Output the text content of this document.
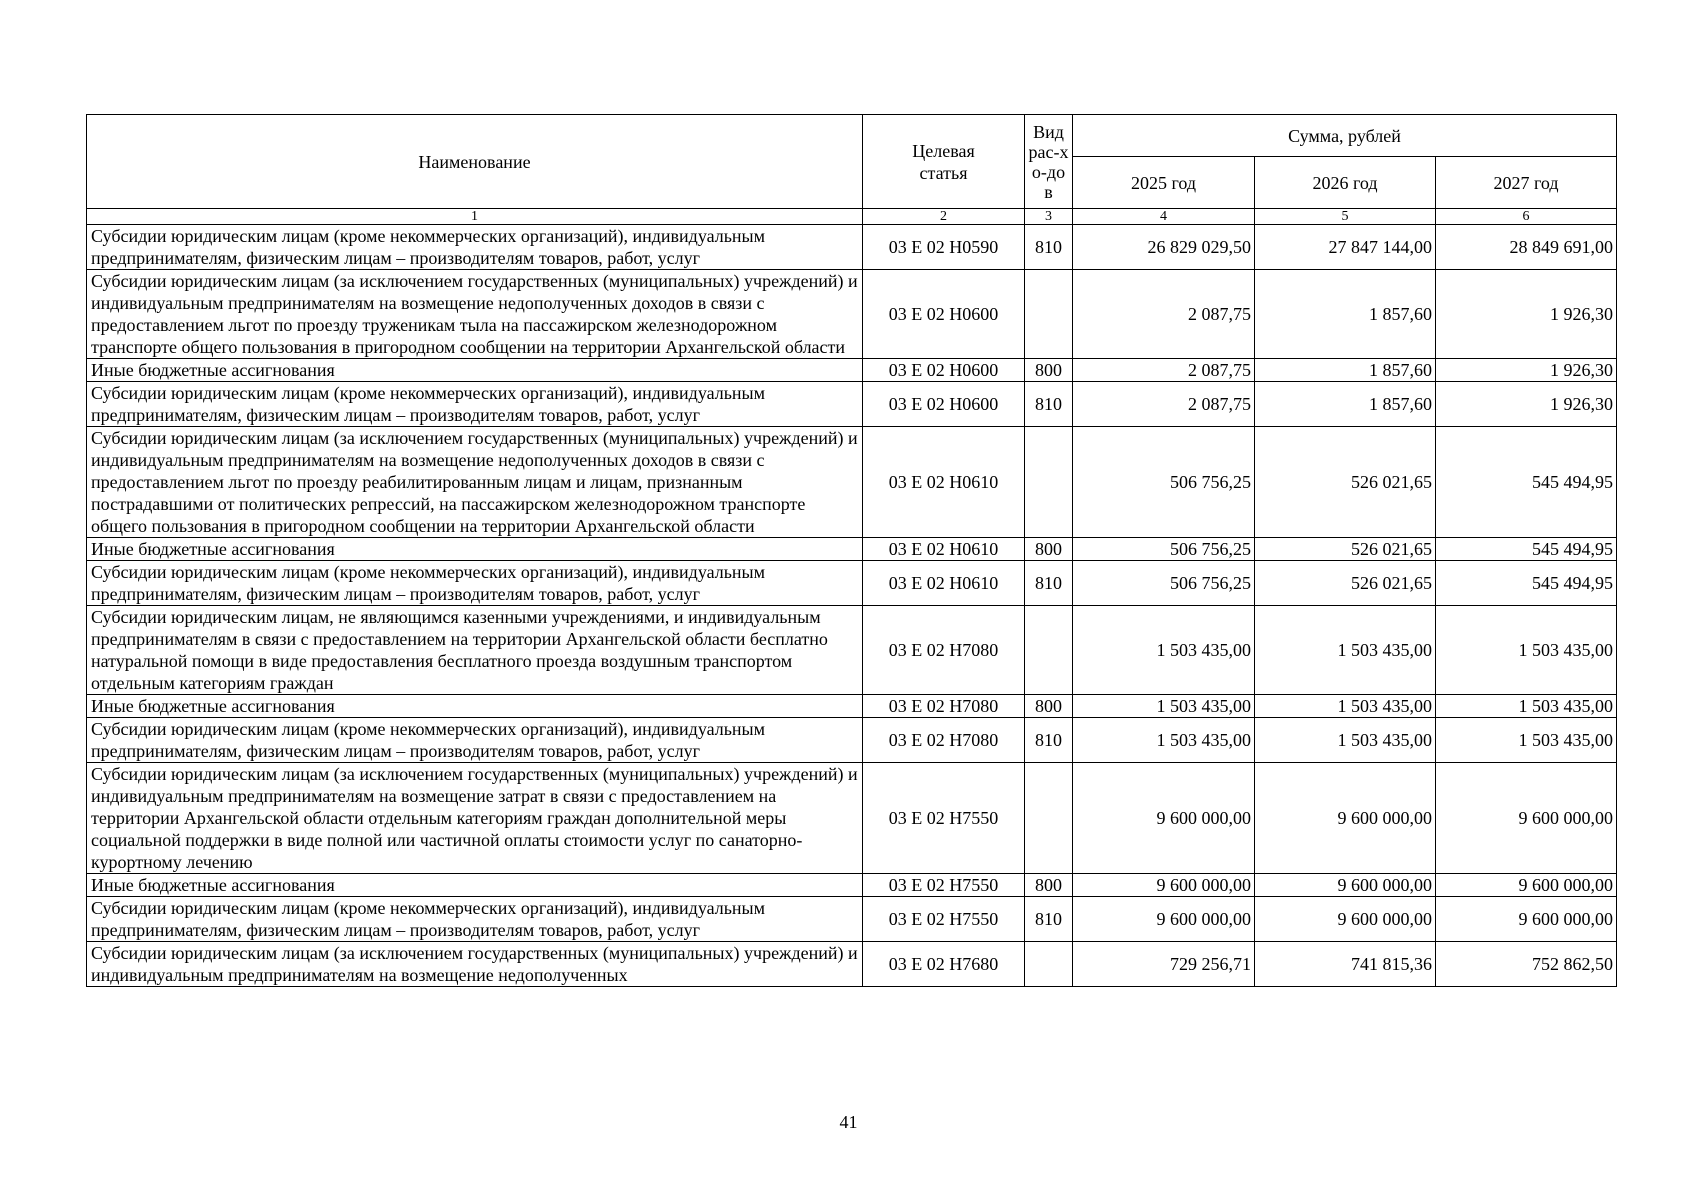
Наименование	Целевая статья	Вид рас-хо-дов	Сумма, рублей		
			2025 год	2026 год	2027 год
1	2	3	4	5	6
Субсидии юридическим лицам (кроме некоммерческих организаций), индивидуальным предпринимателям, физическим лицам – производителям товаров, работ, услуг	03 Е 02 Н0590	810	26 829 029,50	27 847 144,00	28 849 691,00
Субсидии юридическим лицам (за исключением государственных (муниципальных) учреждений) и индивидуальным предпринимателям на возмещение недополученных доходов в связи с предоставлением льгот по проезду труженикам тыла на пассажирском железнодорожном транспорте общего пользования в пригородном сообщении на территории Архангельской области	03 Е 02 Н0600		2 087,75	1 857,60	1 926,30
Иные бюджетные ассигнования	03 Е 02 Н0600	800	2 087,75	1 857,60	1 926,30
Субсидии юридическим лицам (кроме некоммерческих организаций), индивидуальным предпринимателям, физическим лицам – производителям товаров, работ, услуг	03 Е 02 Н0600	810	2 087,75	1 857,60	1 926,30
Субсидии юридическим лицам (за исключением государственных (муниципальных) учреждений) и индивидуальным предпринимателям на возмещение недополученных доходов в связи с предоставлением льгот по проезду реабилитированным лицам и лицам, признанным пострадавшими от политических репрессий, на пассажирском железнодорожном транспорте общего пользования в пригородном сообщении на территории Архангельской области	03 Е 02 Н0610		506 756,25	526 021,65	545 494,95
Иные бюджетные ассигнования	03 Е 02 Н0610	800	506 756,25	526 021,65	545 494,95
Субсидии юридическим лицам (кроме некоммерческих организаций), индивидуальным предпринимателям, физическим лицам – производителям товаров, работ, услуг	03 Е 02 Н0610	810	506 756,25	526 021,65	545 494,95
Субсидии юридическим лицам, не являющимся казенными учреждениями, и индивидуальным предпринимателям в связи с предоставлением на территории Архангельской области бесплатно натуральной помощи в виде предоставления бесплатного проезда воздушным транспортом отдельным категориям граждан	03 Е 02 Н7080		1 503 435,00	1 503 435,00	1 503 435,00
Иные бюджетные ассигнования	03 Е 02 Н7080	800	1 503 435,00	1 503 435,00	1 503 435,00
Субсидии юридическим лицам (кроме некоммерческих организаций), индивидуальным предпринимателям, физическим лицам – производителям товаров, работ, услуг	03 Е 02 Н7080	810	1 503 435,00	1 503 435,00	1 503 435,00
Субсидии юридическим лицам (за исключением государственных (муниципальных) учреждений) и индивидуальным предпринимателям на возмещение затрат в связи с предоставлением на территории Архангельской области отдельным категориям граждан дополнительной меры социальной поддержки в виде полной или частичной оплаты стоимости услуг по санаторно-курортному лечению	03 Е 02 Н7550		9 600 000,00	9 600 000,00	9 600 000,00
Иные бюджетные ассигнования	03 Е 02 Н7550	800	9 600 000,00	9 600 000,00	9 600 000,00
Субсидии юридическим лицам (кроме некоммерческих организаций), индивидуальным предпринимателям, физическим лицам – производителям товаров, работ, услуг	03 Е 02 Н7550	810	9 600 000,00	9 600 000,00	9 600 000,00
Субсидии юридическим лицам (за исключением государственных (муниципальных) учреждений) и индивидуальным предпринимателям на возмещение недополученных	03 Е 02 Н7680		729 256,71	741 815,36	752 862,50
41
